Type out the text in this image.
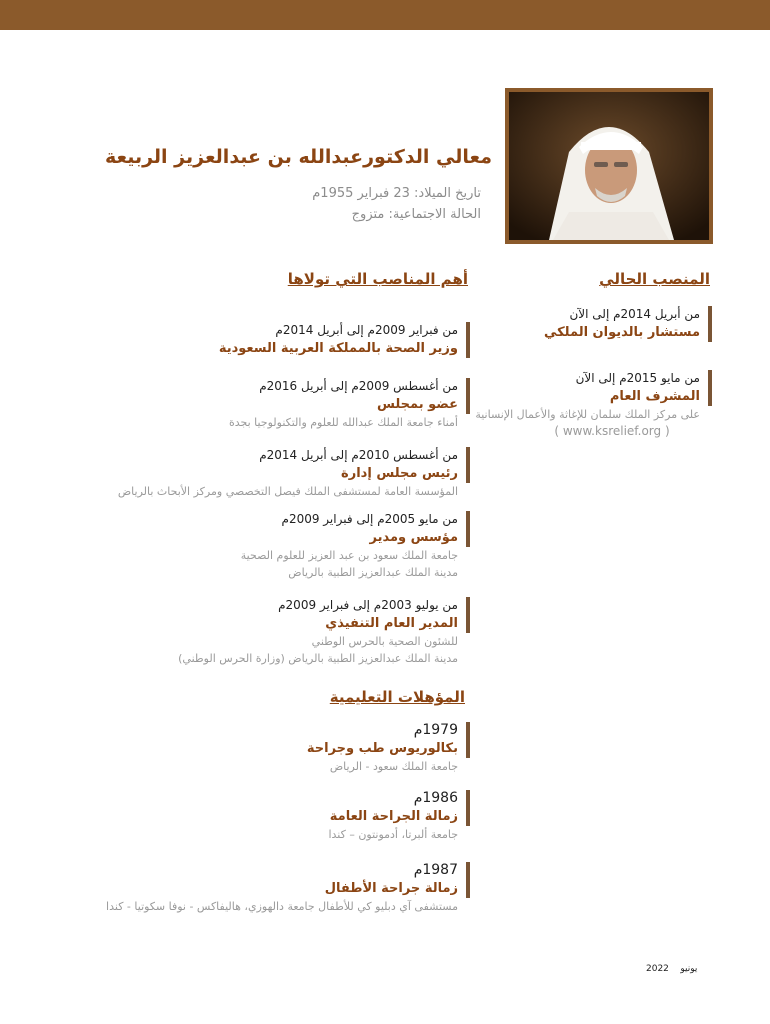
معالي الدكتورعبدالله بن عبدالعزيز الربيعة
تاريخ الميلاد: 23 فبراير 1955م
الحالة الاجتماعية: متزوج
المنصب الحالي
من أبريل 2014م إلى الآن
مستشار بالديوان الملكي
من مايو 2015م إلى الآن
المشرف العام
على مركز الملك سلمان للإغاثة والأعمال الإنسانية
( www.ksrelief.org )
أهم المناصب التي تولاها
من فبراير 2009م إلى أبريل 2014م
وزير الصحة بالمملكة العربية السعودية
من أغسطس 2009م إلى أبريل 2016م
عضو بمجلس
أمناء جامعة الملك عبدالله للعلوم والتكنولوجيا بجدة
من أغسطس 2010م إلى أبريل 2014م
رئيس مجلس إدارة
المؤسسة العامة لمستشفى الملك فيصل التخصصي ومركز الأبحاث بالرياض
من مايو 2005م إلى فبراير 2009م
مؤسس ومدير
جامعة الملك سعود بن عبد العزيز للعلوم الصحية
مدينة الملك عبدالعزيز الطبية بالرياض
من يوليو 2003م إلى فبراير 2009م
المدير العام التنفيذي
للشئون الصحية بالحرس الوطني
مدينة الملك عبدالعزيز الطبية بالرياض (وزارة الحرس الوطني)
المؤهلات التعليمية
1979م
بكالوريوس طب وجراحة
جامعة الملك سعود - الرياض
1986م
زمالة الجراحة العامة
جامعة ألبرتا، أدمونتون – كندا
1987م
زمالة جراحة الأطفال
مستشفى آي دبليو كي للأطفال جامعة دالهوزي، هاليفاكس - نوفا سكوتيا - كندا
يونيو    2022
